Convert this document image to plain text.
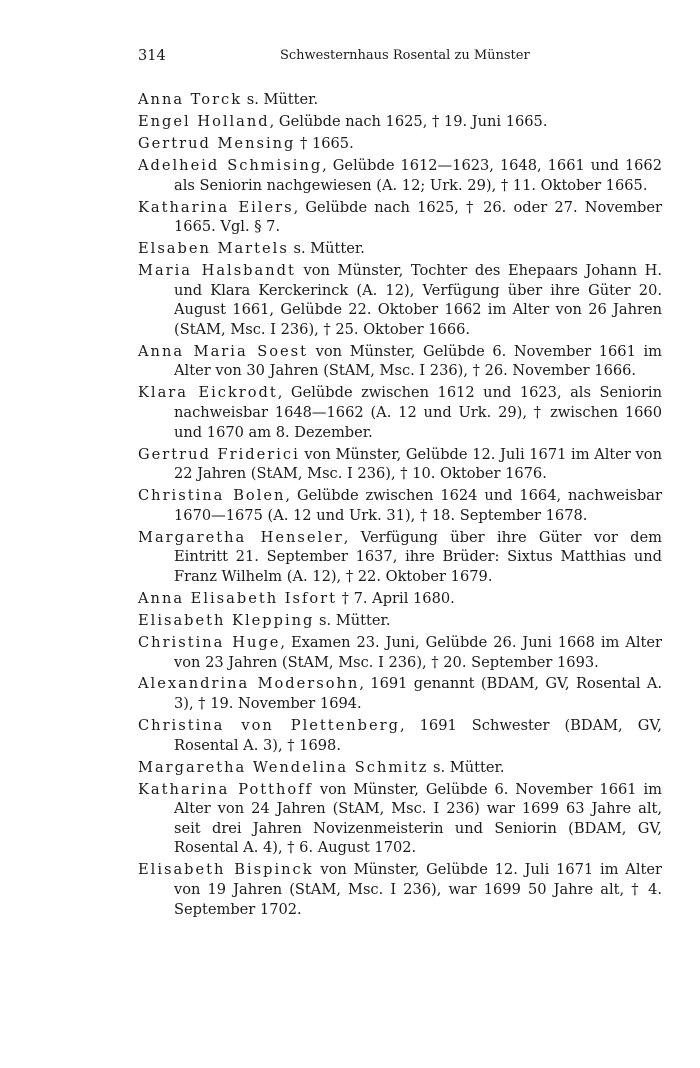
314	Schwesternhaus Rosental zu Münster

Anna Torck s. Mütter.

Engel Holland, Gelübde nach 1625, † 19. Juni 1665.

Gertrud Mensing † 1665.

Adelheid Schmising, Gelübde 1612—1623, 1648, 1661 und 1662 als Seniorin nachgewiesen (A. 12; Urk. 29), † 11. Oktober 1665.

Katharina Eilers, Gelübde nach 1625, † 26. oder 27. November 1665. Vgl. § 7.

Elsaben Martels s. Mütter.

Maria Halsbandt von Münster, Tochter des Ehepaars Johann H. und Klara Kerckerinck (A. 12), Verfügung über ihre Güter 20. August 1661, Gelübde 22. Oktober 1662 im Alter von 26 Jahren (StAM, Msc. I 236), † 25. Oktober 1666.

Anna Maria Soest von Münster, Gelübde 6. November 1661 im Alter von 30 Jahren (StAM, Msc. I 236), † 26. November 1666.

Klara Eickrodt, Gelübde zwischen 1612 und 1623, als Seniorin nachweisbar 1648—1662 (A. 12 und Urk. 29), † zwischen 1660 und 1670 am 8. Dezember.

Gertrud Friderici von Münster, Gelübde 12. Juli 1671 im Alter von 22 Jahren (StAM, Msc. I 236), † 10. Oktober 1676.

Christina Bolen, Gelübde zwischen 1624 und 1664, nachweisbar 1670—1675 (A. 12 und Urk. 31), † 18. September 1678.

Margaretha Henseler, Verfügung über ihre Güter vor dem Eintritt 21. September 1637, ihre Brüder: Sixtus Matthias und Franz Wilhelm (A. 12), † 22. Oktober 1679.

Anna Elisabeth Isfort † 7. April 1680.

Elisabeth Klepping s. Mütter.

Christina Huge, Examen 23. Juni, Gelübde 26. Juni 1668 im Alter von 23 Jahren (StAM, Msc. I 236), † 20. September 1693.

Alexandrina Modersohn, 1691 genannt (BDAM, GV, Rosental A. 3), † 19. November 1694.

Christina von Plettenberg, 1691 Schwester (BDAM, GV, Rosental A. 3), † 1698.

Margaretha Wendelina Schmitz s. Mütter.

Katharina Potthoff von Münster, Gelübde 6. November 1661 im Alter von 24 Jahren (StAM, Msc. I 236) war 1699 63 Jahre alt, seit drei Jahren Novizenmeisterin und Seniorin (BDAM, GV, Rosental A. 4), † 6. August 1702.

Elisabeth Bispinck von Münster, Gelübde 12. Juli 1671 im Alter von 19 Jahren (StAM, Msc. I 236), war 1699 50 Jahre alt, † 4. September 1702.
